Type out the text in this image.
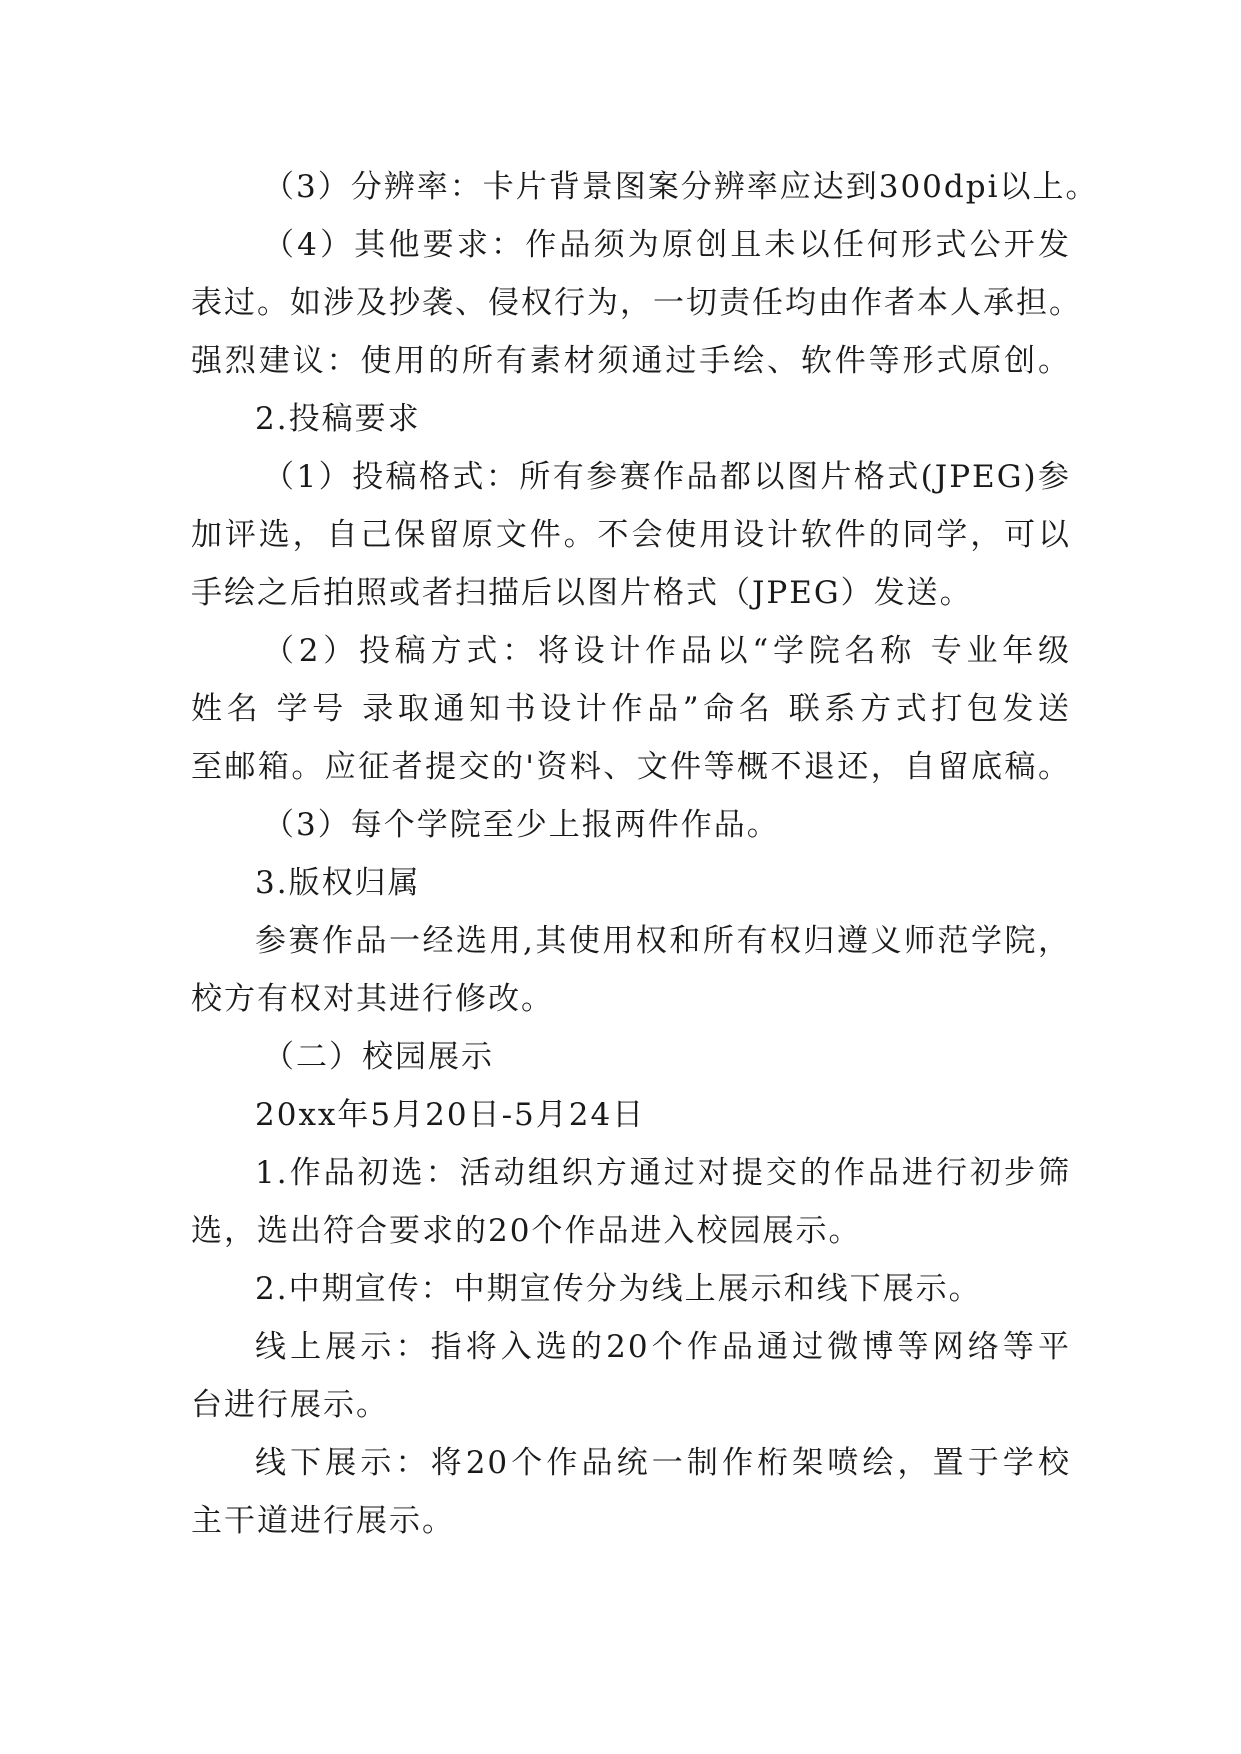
（3）分辨率：卡片背景图案分辨率应达到300dpi以上。
（4）其他要求：作品须为原创且未以任何形式公开发
表过。如涉及抄袭、侵权行为，一切责任均由作者本人承担。
强烈建议：使用的所有素材须通过手绘、软件等形式原创。
2.投稿要求
（1）投稿格式：所有参赛作品都以图片格式(JPEG)参
加评选，自己保留原文件。不会使用设计软件的同学，可以
手绘之后拍照或者扫描后以图片格式（JPEG）发送。
（2）投稿方式：将设计作品以“学院名称 专业年级
姓名 学号 录取通知书设计作品”命名 联系方式打包发送
至邮箱。应征者提交的'资料、文件等概不退还，自留底稿。
（3）每个学院至少上报两件作品。
3.版权归属
参赛作品一经选用,其使用权和所有权归遵义师范学院，
校方有权对其进行修改。
（二）校园展示
20xx年5月20日-5月24日
1.作品初选：活动组织方通过对提交的作品进行初步筛
选，选出符合要求的20个作品进入校园展示。
2.中期宣传：中期宣传分为线上展示和线下展示。
线上展示：指将入选的20个作品通过微博等网络等平
台进行展示。
线下展示：将20个作品统一制作桁架喷绘，置于学校
主干道进行展示。
